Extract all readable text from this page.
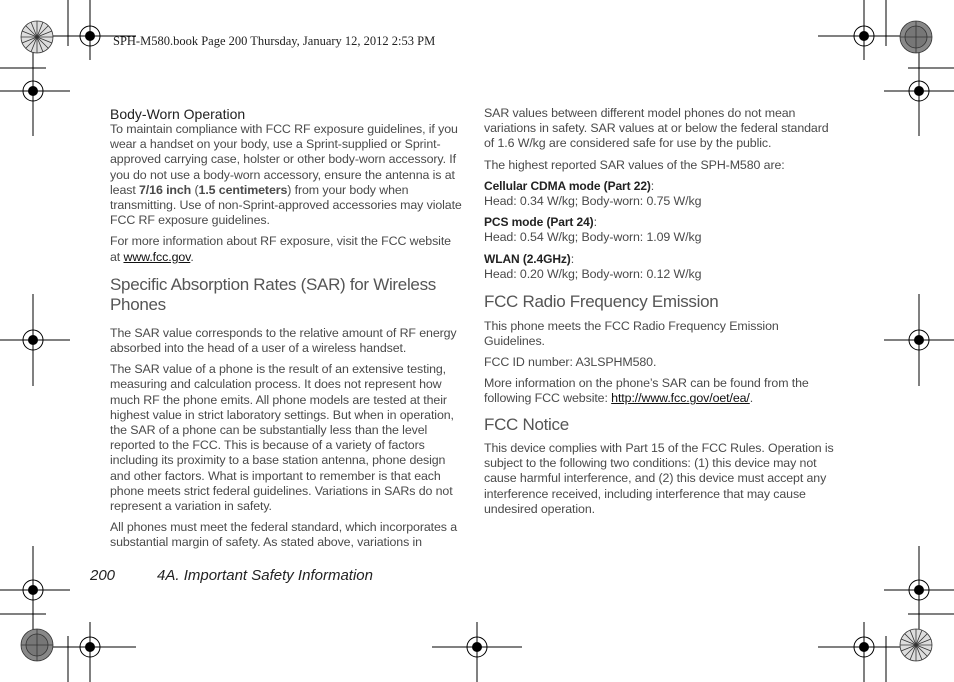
SPH-M580.book Page 200 Thursday, January 12, 2012 2:53 PM
Body-Worn Operation

To maintain compliance with FCC RF exposure guidelines, if you wear a handset on your body, use a Sprint-supplied or Sprint-approved carrying case, holster or other body-worn accessory. If you do not use a body-worn accessory, ensure the antenna is at least 7/16 inch (1.5 centimeters) from your body when transmitting. Use of non-Sprint-approved accessories may violate FCC RF exposure guidelines.

For more information about RF exposure, visit the FCC website at www.fcc.gov.

Specific Absorption Rates (SAR) for Wireless Phones

The SAR value corresponds to the relative amount of RF energy absorbed into the head of a user of a wireless handset.

The SAR value of a phone is the result of an extensive testing, measuring and calculation process. It does not represent how much RF the phone emits. All phone models are tested at their highest value in strict laboratory settings. But when in operation, the SAR of a phone can be substantially less than the level reported to the FCC. This is because of a variety of factors including its proximity to a base station antenna, phone design and other factors. What is important to remember is that each phone meets strict federal guidelines. Variations in SARs do not represent a variation in safety.

All phones must meet the federal standard, which incorporates a substantial margin of safety. As stated above, variations in

SAR values between different model phones do not mean variations in safety. SAR values at or below the federal standard of 1.6 W/kg are considered safe for use by the public.

The highest reported SAR values of the SPH-M580 are:

Cellular CDMA mode (Part 22):
Head: 0.34 W/kg; Body-worn: 0.75 W/kg

PCS mode (Part 24):
Head: 0.54 W/kg; Body-worn: 1.09 W/kg

WLAN (2.4GHz):
Head: 0.20 W/kg; Body-worn: 0.12 W/kg

FCC Radio Frequency Emission

This phone meets the FCC Radio Frequency Emission Guidelines.

FCC ID number: A3LSPHM580.

More information on the phone’s SAR can be found from the following FCC website: http://www.fcc.gov/oet/ea/.

FCC Notice

This device complies with Part 15 of the FCC Rules. Operation is subject to the following two conditions: (1) this device may not cause harmful interference, and (2) this device must accept any interference received, including interference that may cause undesired operation.

200	4A. Important Safety Information
